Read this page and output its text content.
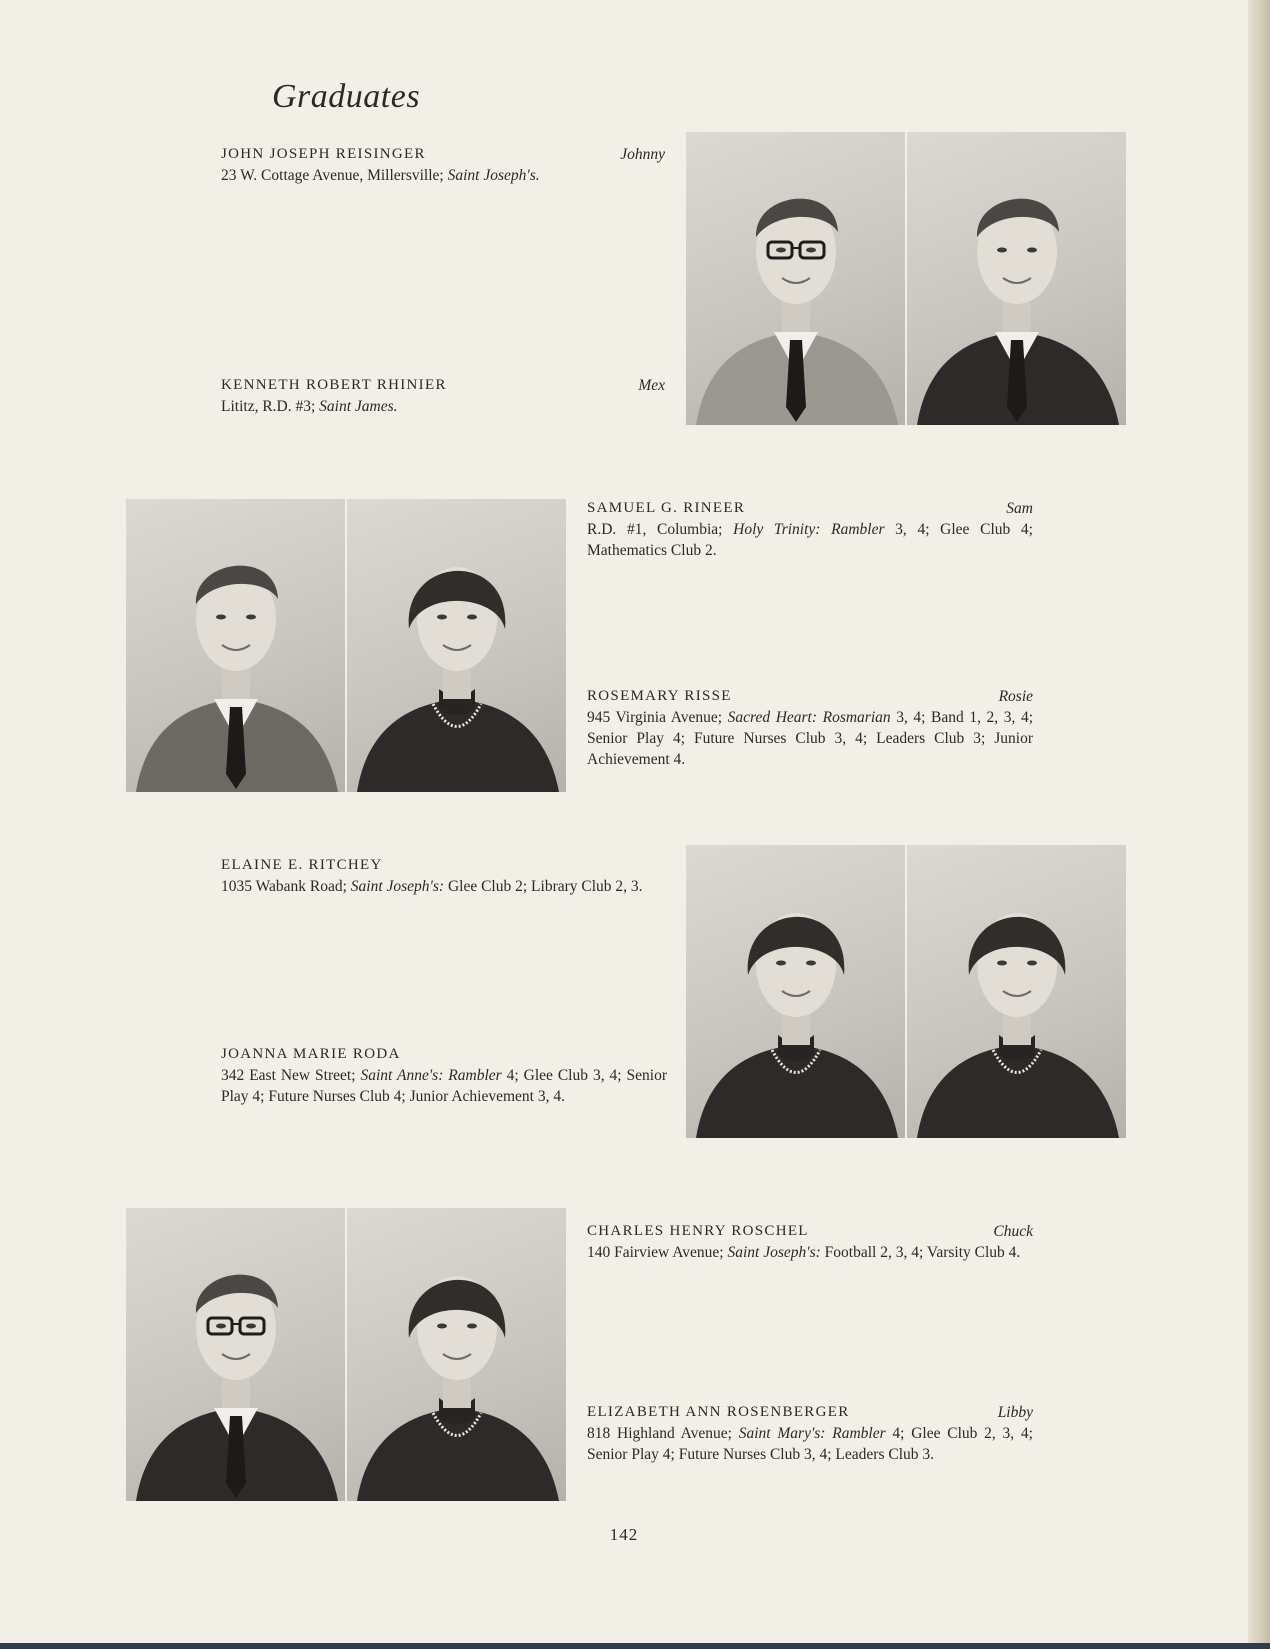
Graduates
JOHN JOSEPH REISINGER	Johnny
23 W. Cottage Avenue, Millersville; Saint Joseph's.
KENNETH ROBERT RHINIER	Mex
Lititz, R.D. #3; Saint James.
SAMUEL G. RINEER	Sam
R.D. #1, Columbia; Holy Trinity: Rambler 3, 4; Glee Club 4; Mathematics Club 2.
ROSEMARY RISSE	Rosie
945 Virginia Avenue; Sacred Heart: Rosmarian 3, 4; Band 1, 2, 3, 4; Senior Play 4; Future Nurses Club 3, 4; Leaders Club 3; Junior Achievement 4.
ELAINE E. RITCHEY
1035 Wabank Road; Saint Joseph's: Glee Club 2; Library Club 2, 3.
JOANNA MARIE RODA
342 East New Street; Saint Anne's: Rambler 4; Glee Club 3, 4; Senior Play 4; Future Nurses Club 4; Junior Achievement 3, 4.
CHARLES HENRY ROSCHEL	Chuck
140 Fairview Avenue; Saint Joseph's: Football 2, 3, 4; Varsity Club 4.
ELIZABETH ANN ROSENBERGER	Libby
818 Highland Avenue; Saint Mary's: Rambler 4; Glee Club 2, 3, 4; Senior Play 4; Future Nurses Club 3, 4; Leaders Club 3.
142
